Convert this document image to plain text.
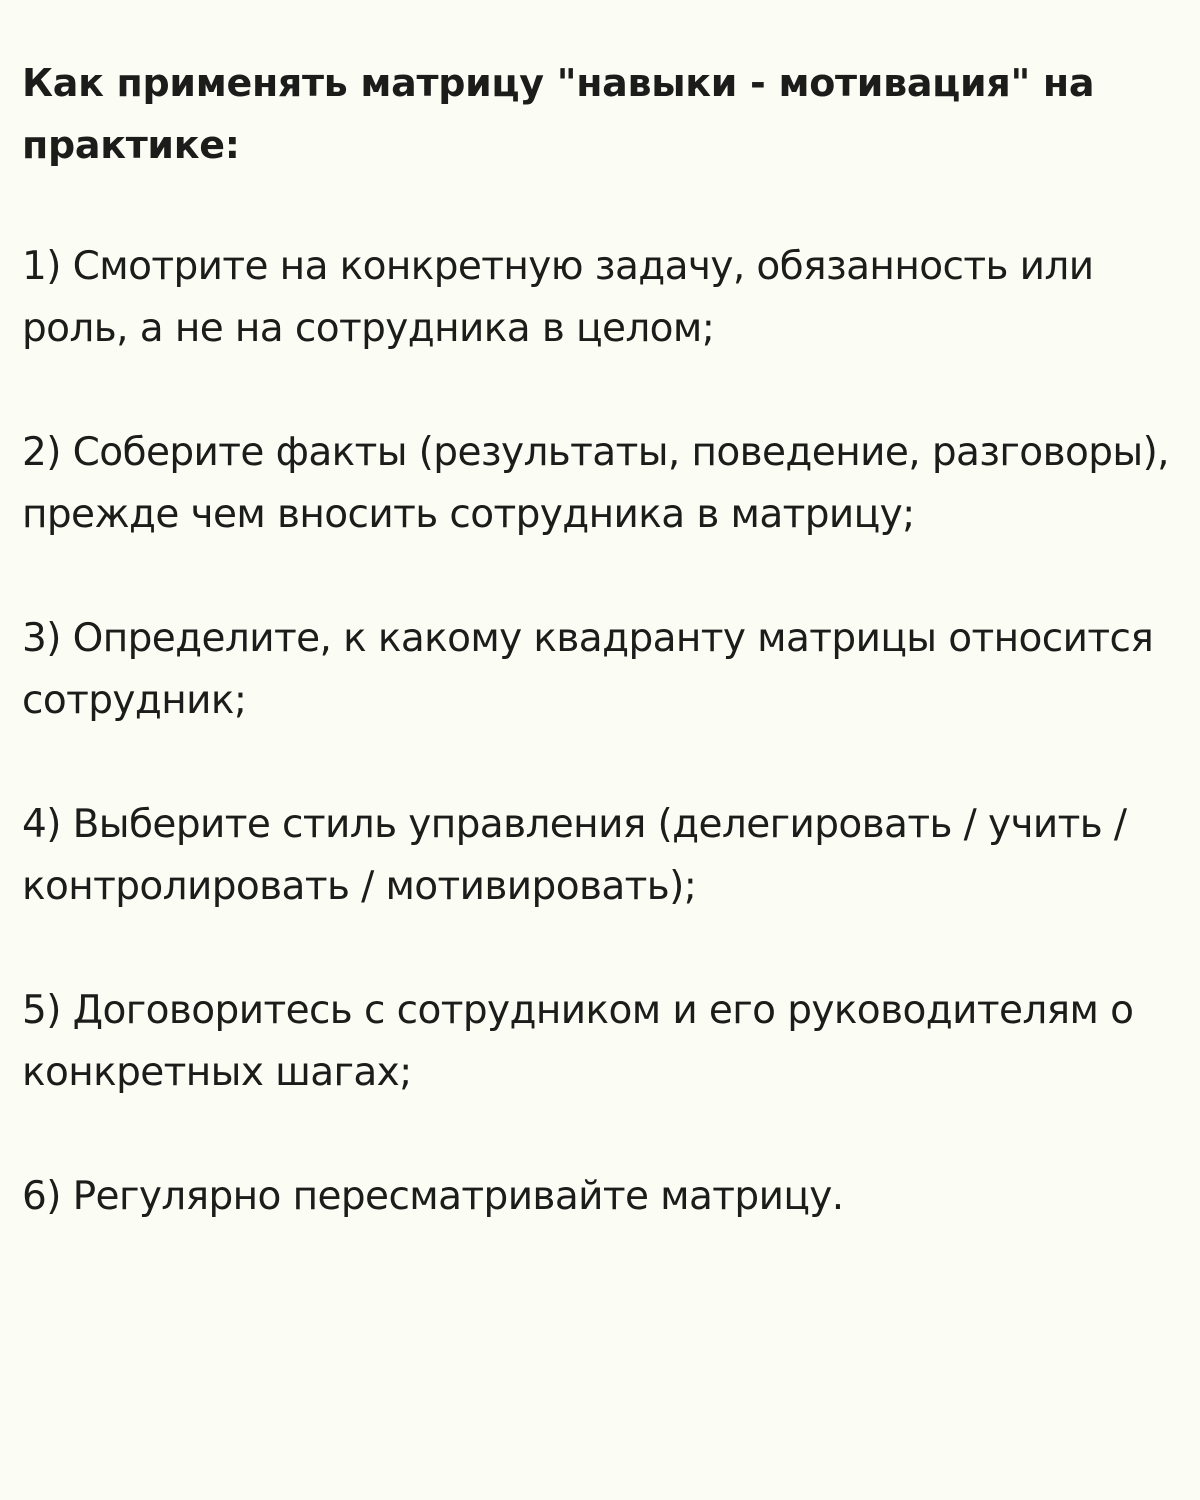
Как применять матрицу "навыки - мотивация" на практике:
1) Смотрите на конкретную задачу, обязанность или роль, а не на сотрудника в целом;
2) Соберите факты (результаты, поведение, разговоры), прежде чем вносить сотрудника в матрицу;
3) Определите, к какому квадранту матрицы относится сотрудник;
4) Выберите стиль управления (делегировать / учить / контролировать / мотивировать);
5) Договоритесь с сотрудником и его руководителям о конкретных шагах;
6) Регулярно пересматривайте матрицу.
